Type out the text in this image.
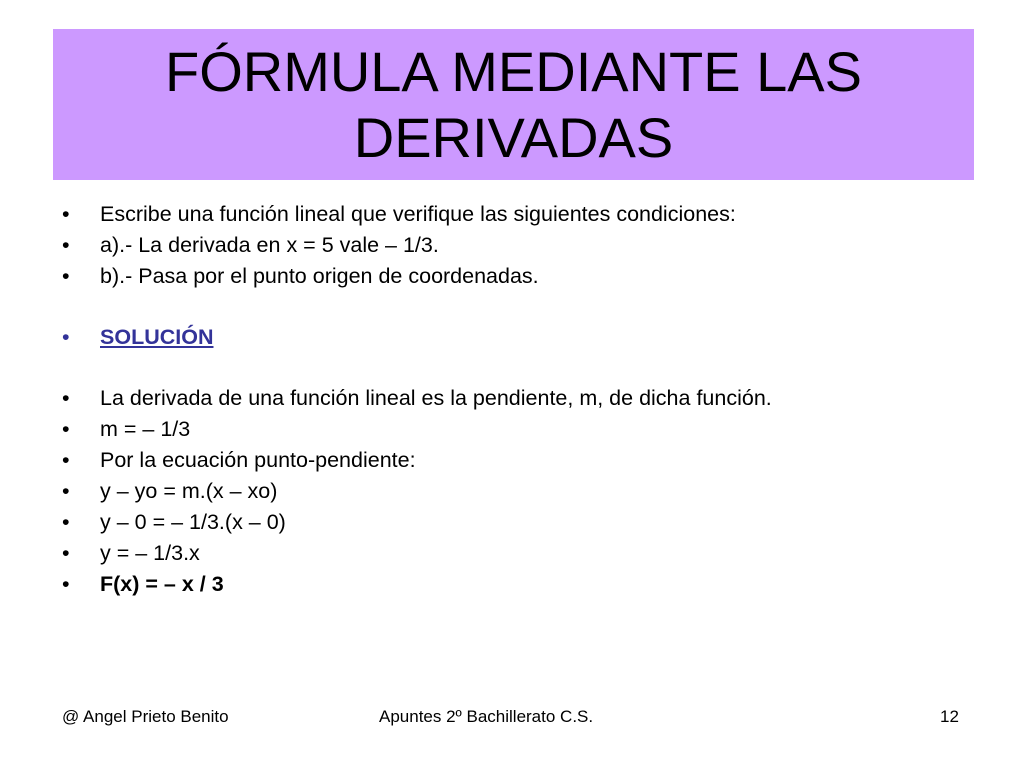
FÓRMULA MEDIANTE LAS DERIVADAS
•	Escribe una función lineal que verifique las siguientes condiciones:
•	a).- La derivada en x = 5 vale – 1/3.
•	b).- Pasa por el punto origen de coordenadas.
•	SOLUCIÓN
•	La derivada de una función lineal es la pendiente, m, de dicha función.
•	m = – 1/3
•	Por la ecuación punto-pendiente:
•	y – yo = m.(x – xo)
•	y – 0 = – 1/3.(x – 0)
•	y = – 1/3.x
•	F(x) = – x / 3
@ Angel Prieto Benito	Apuntes 2º Bachillerato C.S.	12
